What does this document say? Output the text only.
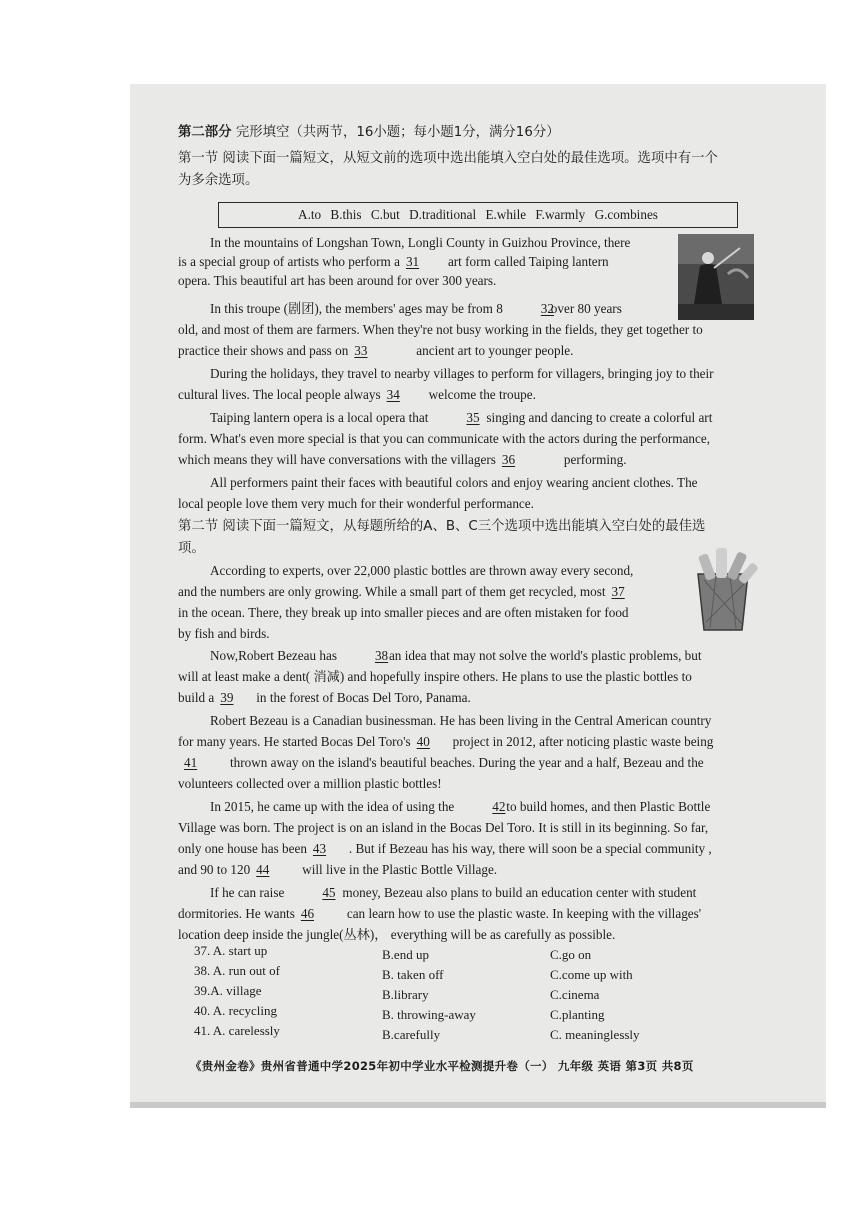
第二部分 完形填空（共两节，16小题；每小题1分，满分16分）
第一节 阅读下面一篇短文，从短文前的选项中选出能填入空白处的最佳选项。选项中有一个
为多余选项。
A.to B.this C.but D.traditional E.while F.warmly G.combines
In the mountains of Longshan Town, Longli County in Guizhou Province, there
is a special group of artists who perform a 31 art form called Taiping lantern
opera. This beautiful art has been around for over 300 years.
In this troupe (剧团), the members' ages may be from 8	32over 80 years
old, and most of them are farmers. When they're not busy working in the fields, they get together to
practice their shows and pass on 33	ancient art to younger people.
During the holidays, they travel to nearby villages to perform for villagers, bringing joy to their
cultural lives. The local people always 34 welcome the troupe.
Taiping lantern opera is a local opera that	35 singing and dancing to create a colorful art
form. What's even more special is that you can communicate with the actors during the performance,
which means they will have conversations with the villagers 36	performing.
All performers paint their faces with beautiful colors and enjoy wearing ancient clothes. The
local people love them very much for their wonderful performance.
第二节 阅读下面一篇短文，从每题所给的A、B、C三个选项中选出能填入空白处的最佳选
项。
According to experts, over 22,000 plastic bottles are thrown away every second,
and the numbers are only growing. While a small part of them get recycled, most 37
in the ocean. There, they break up into smaller pieces and are often mistaken for food
by fish and birds.
Now,Robert Bezeau has	38an idea that may not solve the world's plastic problems, but
will at least make a dent( 消减) and hopefully inspire others. He plans to use the plastic bottles to
build a 39 in the forest of Bocas Del Toro, Panama.
Robert Bezeau is a Canadian businessman. He has been living in the Central American country
for many years. He started Bocas Del Toro's 40 project in 2012, after noticing plastic waste being
41 thrown away on the island's beautiful beaches. During the year and a half, Bezeau and the
volunteers collected over a million plastic bottles!
In 2015, he came up with the idea of using the	42to build homes, and then Plastic Bottle
Village was born. The project is on an island in the Bocas Del Toro. It is still in its beginning. So far,
only one house has been 43 . But if Bezeau has his way, there will soon be a special community ,
and 90 to 120 44 will live in the Plastic Bottle Village.
If he can raise	45 money, Bezeau also plans to build an education center with student
dormitories. He wants 46 can learn how to use the plastic waste. In keeping with the villages'
location deep inside the jungle(丛林)， everything will be as carefully as possible.
37. A. start up	B.end up	C.go on
38. A. run out of	B. taken off	C.come up with
39.A. village	B.library	C.cinema
40. A. recycling	B. throwing-away	C.planting
41. A. carelessly	B.carefully	C. meaninglessly
《贵州金卷》贵州省普通中学2025年初中学业水平检测提升卷（一） 九年级 英语 第3页 共8页
